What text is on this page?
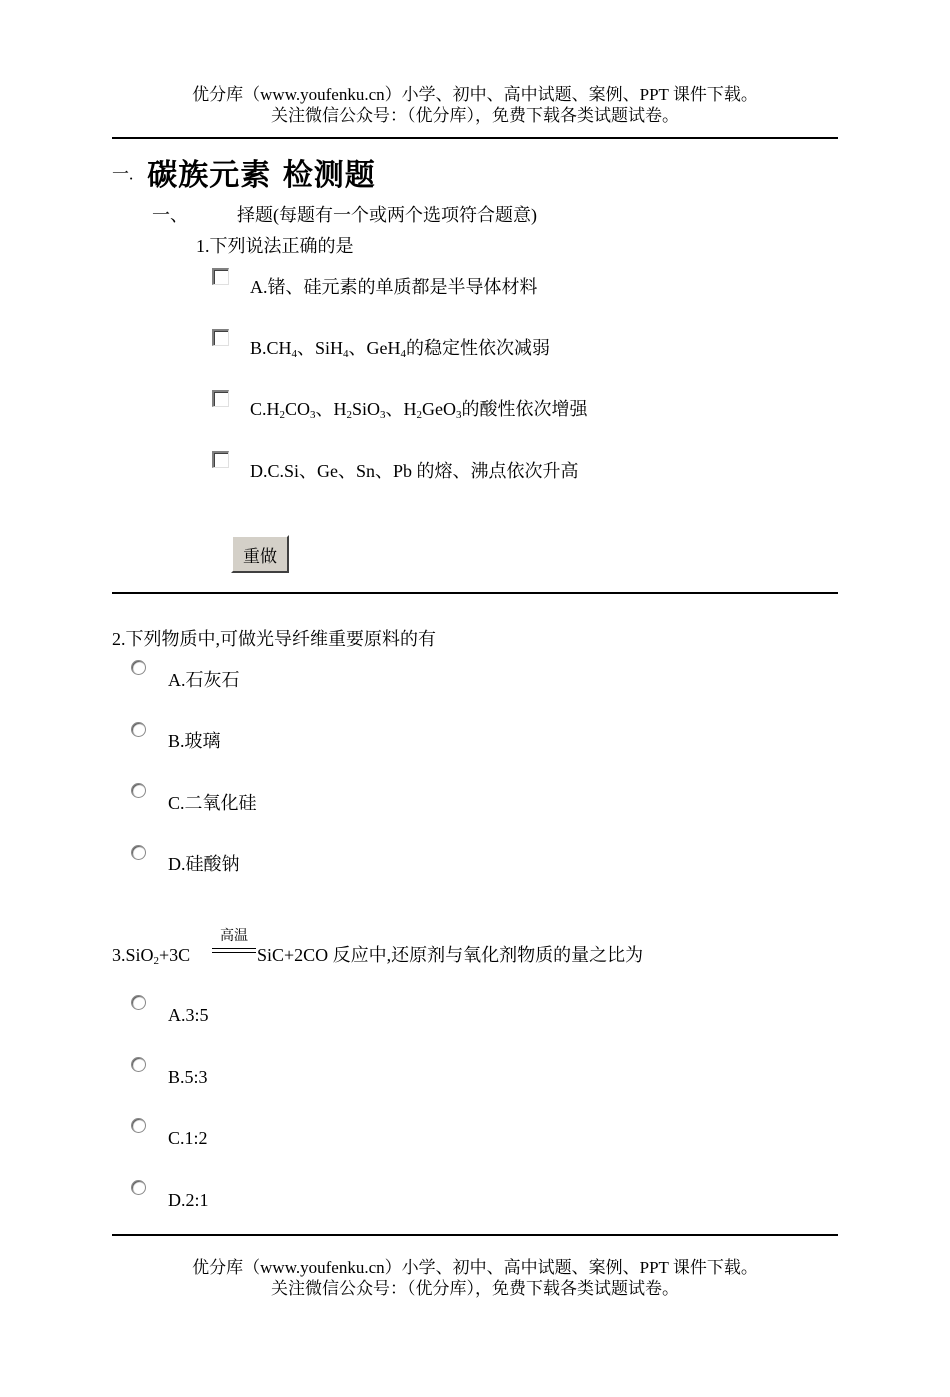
优分库（www.youfenku.cn）小学、初中、高中试题、案例、PPT 课件下载。
关注微信公众号：（优分库），免费下载各类试题试卷。
一. 碳族元素 检测题
一、	择题(每题有一个或两个选项符合题意)
1.下列说法正确的是
A.锗、硅元素的单质都是半导体材料
$B.CH_4$、SiH$_4$、GeH$_4$的稳定性依次减弱
$C.H_2CO_3$、$H_2SiO_3$、$H_2GeO_3$的酸性依次增强
D.C.Si、Ge、Sn、Pb 的熔、沸点依次升高
重做
2.下列物质中,可做光导纤维重要原料的有
A.石灰石
B.玻璃
C.二氧化硅
D.硅酸钠
3.SiO$_2$+3C
高温
SiC+2CO 反应中,还原剂与氧化剂物质的量之比为
A.3:5
B.5:3
C.1:2
D.2:1
优分库（www.youfenku.cn）小学、初中、高中试题、案例、PPT 课件下载。
关注微信公众号：（优分库），免费下载各类试题试卷。
